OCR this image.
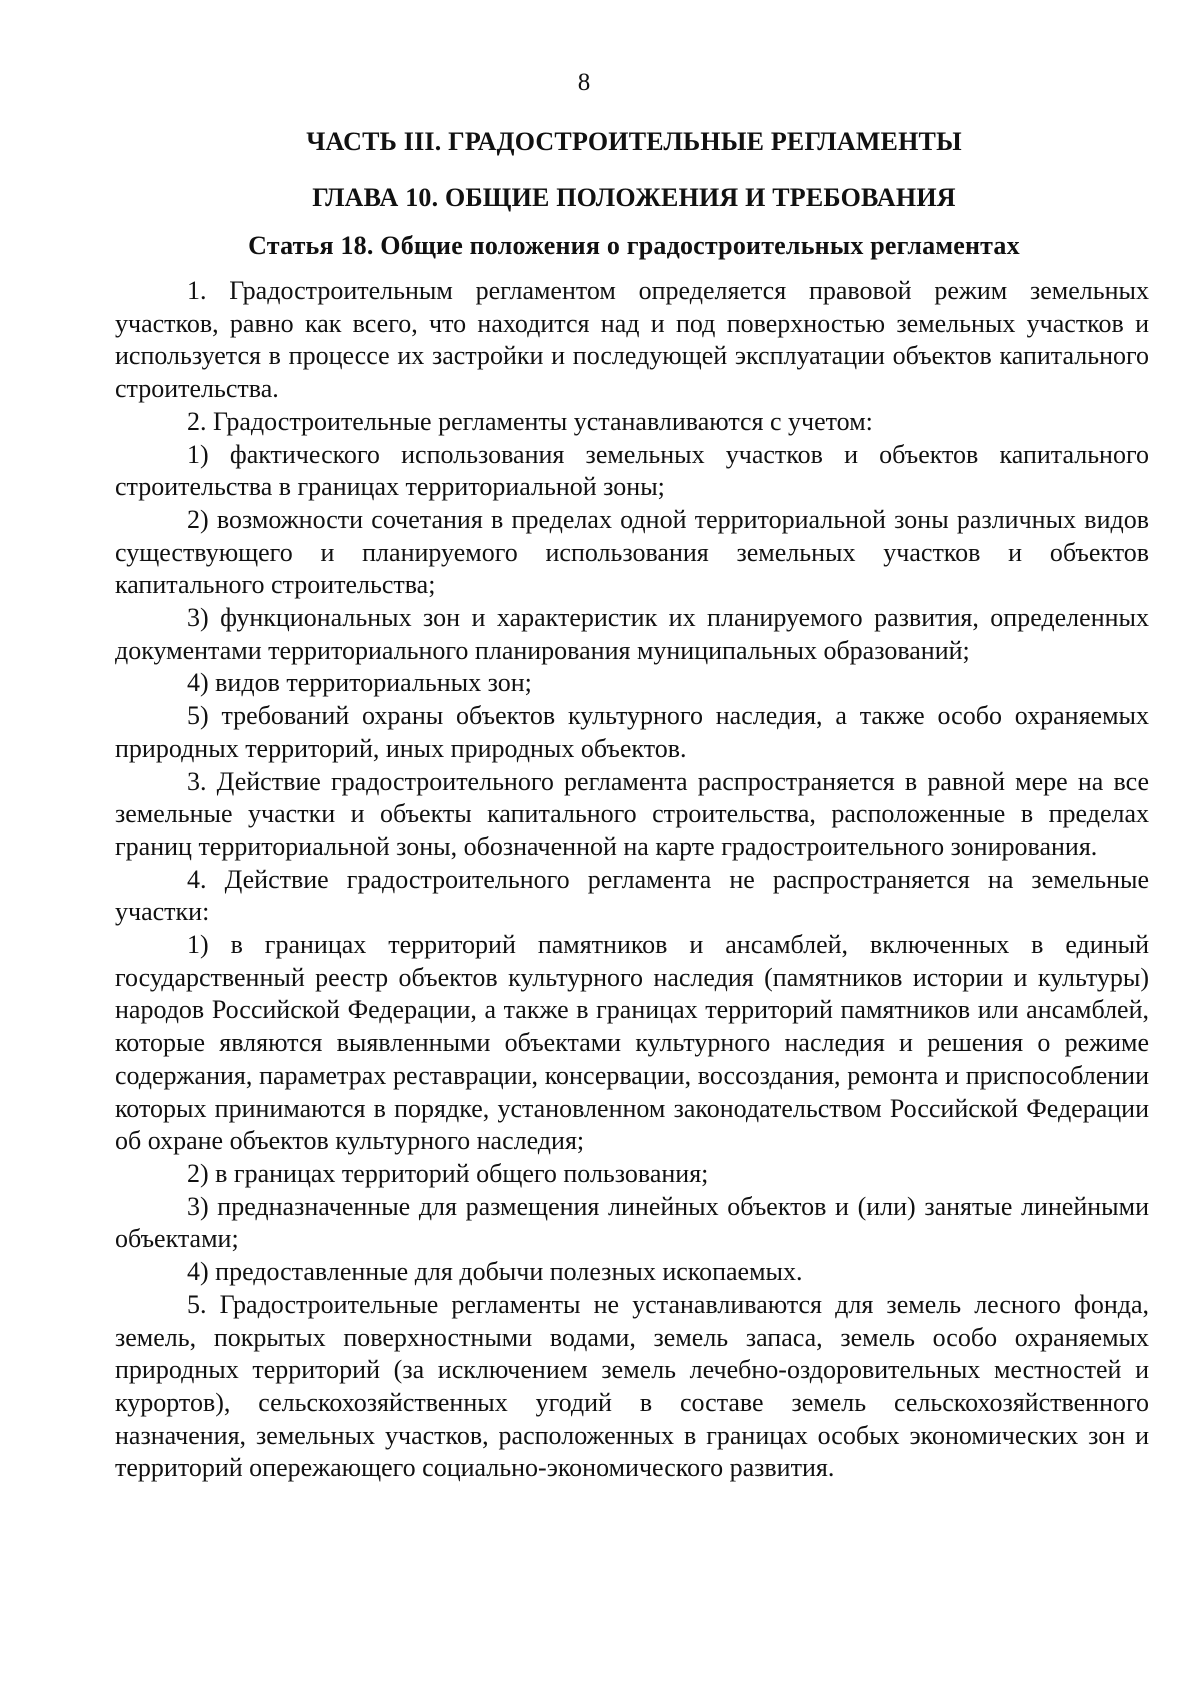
8
ЧАСТЬ III. ГРАДОСТРОИТЕЛЬНЫЕ РЕГЛАМЕНТЫ
ГЛАВА 10. ОБЩИЕ ПОЛОЖЕНИЯ И ТРЕБОВАНИЯ
Статья 18. Общие положения о градостроительных регламентах

1. Градостроительным регламентом определяется правовой режим земельных участков, равно как всего, что находится над и под поверхностью земельных участков и используется в процессе их застройки и последующей эксплуатации объектов капитального строительства.

2. Градостроительные регламенты устанавливаются с учетом:

1) фактического использования земельных участков и объектов капитального строительства в границах территориальной зоны;

2) возможности сочетания в пределах одной территориальной зоны различных видов существующего и планируемого использования земельных участков и объектов капитального строительства;

3) функциональных зон и характеристик их планируемого развития, определенных документами территориального планирования муниципальных образований;

4) видов территориальных зон;

5) требований охраны объектов культурного наследия, а также особо охраняемых природных территорий, иных природных объектов.

3. Действие градостроительного регламента распространяется в равной мере на все земельные участки и объекты капитального строительства, расположенные в пределах границ территориальной зоны, обозначенной на карте градостроительного зонирования.

4. Действие градостроительного регламента не распространяется на земельные участки:

1) в границах территорий памятников и ансамблей, включенных в единый государственный реестр объектов культурного наследия (памятников истории и культуры) народов Российской Федерации, а также в границах территорий памятников или ансамблей, которые являются выявленными объектами культурного наследия и решения о режиме содержания, параметрах реставрации, консервации, воссоздания, ремонта и приспособлении которых принимаются в порядке, установленном законодательством Российской Федерации об охране объектов культурного наследия;

2) в границах территорий общего пользования;

3) предназначенные для размещения линейных объектов и (или) занятые линейными объектами;

4) предоставленные для добычи полезных ископаемых.

5. Градостроительные регламенты не устанавливаются для земель лесного фонда, земель, покрытых поверхностными водами, земель запаса, земель особо охраняемых природных территорий (за исключением земель лечебно-оздоровительных местностей и курортов), сельскохозяйственных угодий в составе земель сельскохозяйственного назначения, земельных участков, расположенных в границах особых экономических зон и территорий опережающего социально-экономического развития.
